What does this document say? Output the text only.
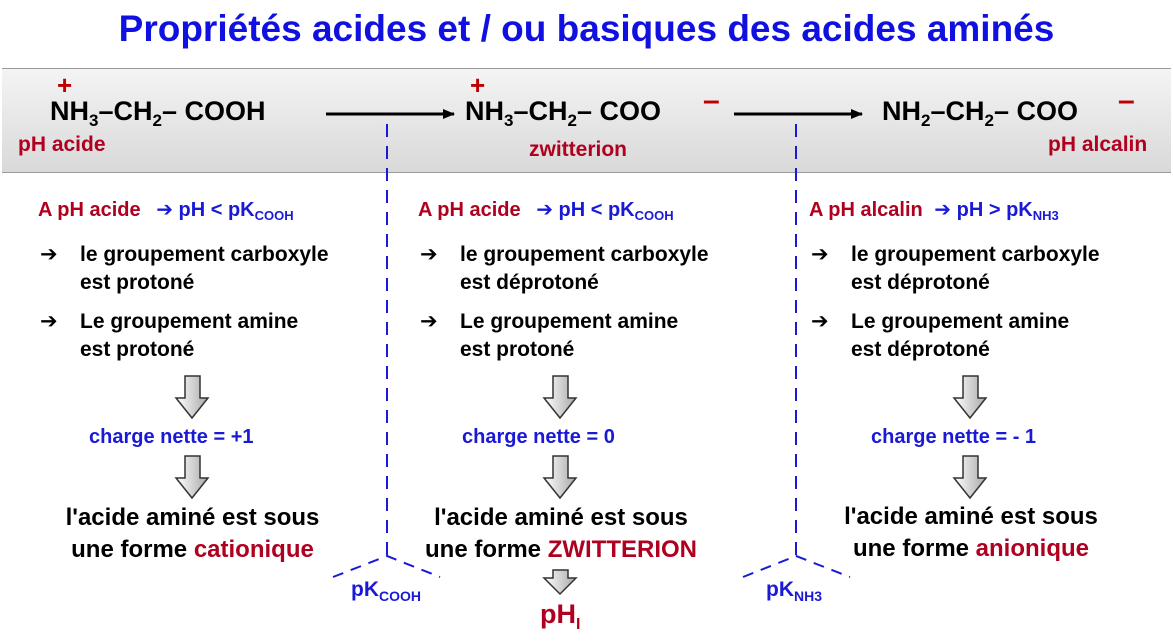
Propriétés acides et / ou basiques des acides aminés
+
$NH_3-CH_2-$ COOH
pH acide
+
$NH_3-CH_2-$ COO –
zwitterion
$NH_2-CH_2-$ COO –
pH alcalin
A pH acide ➔ pH < $pK_{COOH}$
➔ le groupement carboxyle
est protoné
➔ Le groupement amine
est protoné
charge nette = +1
l'acide aminé est sous
une forme cationique
A pH acide ➔ pH < $pK_{COOH}$
➔ le groupement carboxyle
est déprotoné
➔ Le groupement amine
est protoné
charge nette = 0
l'acide aminé est sous
une forme ZWITTERION
A pH alcalin ➔ pH > $pK_{NH3}$
➔ le groupement carboxyle
est déprotoné
➔ Le groupement amine
est déprotoné
charge nette = - 1
l'acide aminé est sous
une forme anionique
$pK_{COOH}$	$pK_{NH3}$
$pH_I$
